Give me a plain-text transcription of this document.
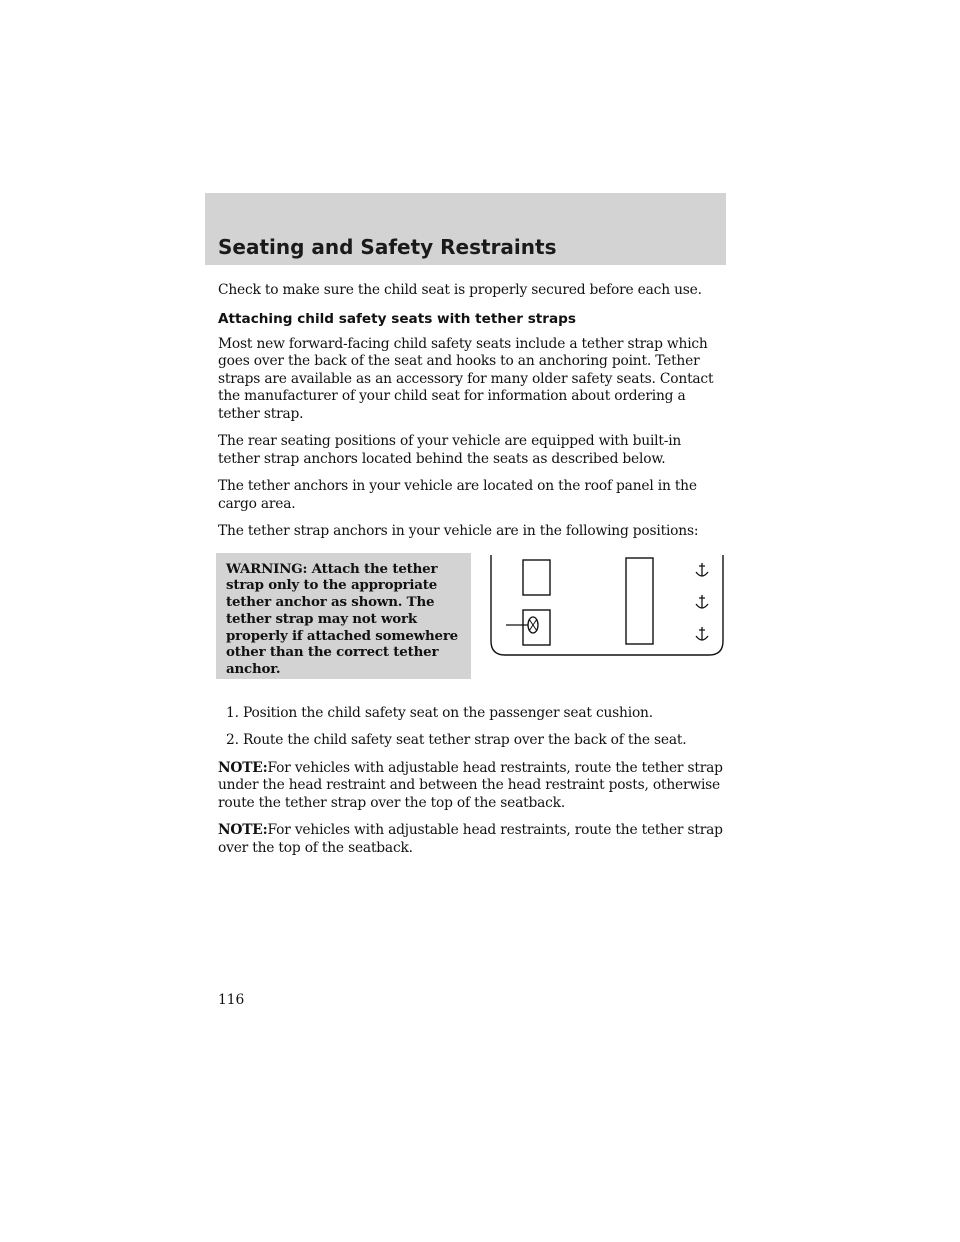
Seating and Safety Restraints

Check to make sure the child seat is properly secured before each use.

Attaching child safety seats with tether straps

Most new forward-facing child safety seats include a tether strap which goes over the back of the seat and hooks to an anchoring point. Tether straps are available as an accessory for many older safety seats. Contact the manufacturer of your child seat for information about ordering a tether strap.

The rear seating positions of your vehicle are equipped with built-in tether strap anchors located behind the seats as described below.

The tether anchors in your vehicle are located on the roof panel in the cargo area.

The tether strap anchors in your vehicle are in the following positions:

WARNING: Attach the tether strap only to the appropriate tether anchor as shown. The tether strap may not work properly if attached somewhere other than the correct tether anchor.

1. Position the child safety seat on the passenger seat cushion.

2. Route the child safety seat tether strap over the back of the seat.

NOTE:For vehicles with adjustable head restraints, route the tether strap under the head restraint and between the head restraint posts, otherwise route the tether strap over the top of the seatback.

NOTE:For vehicles with adjustable head restraints, route the tether strap over the top of the seatback.

116
